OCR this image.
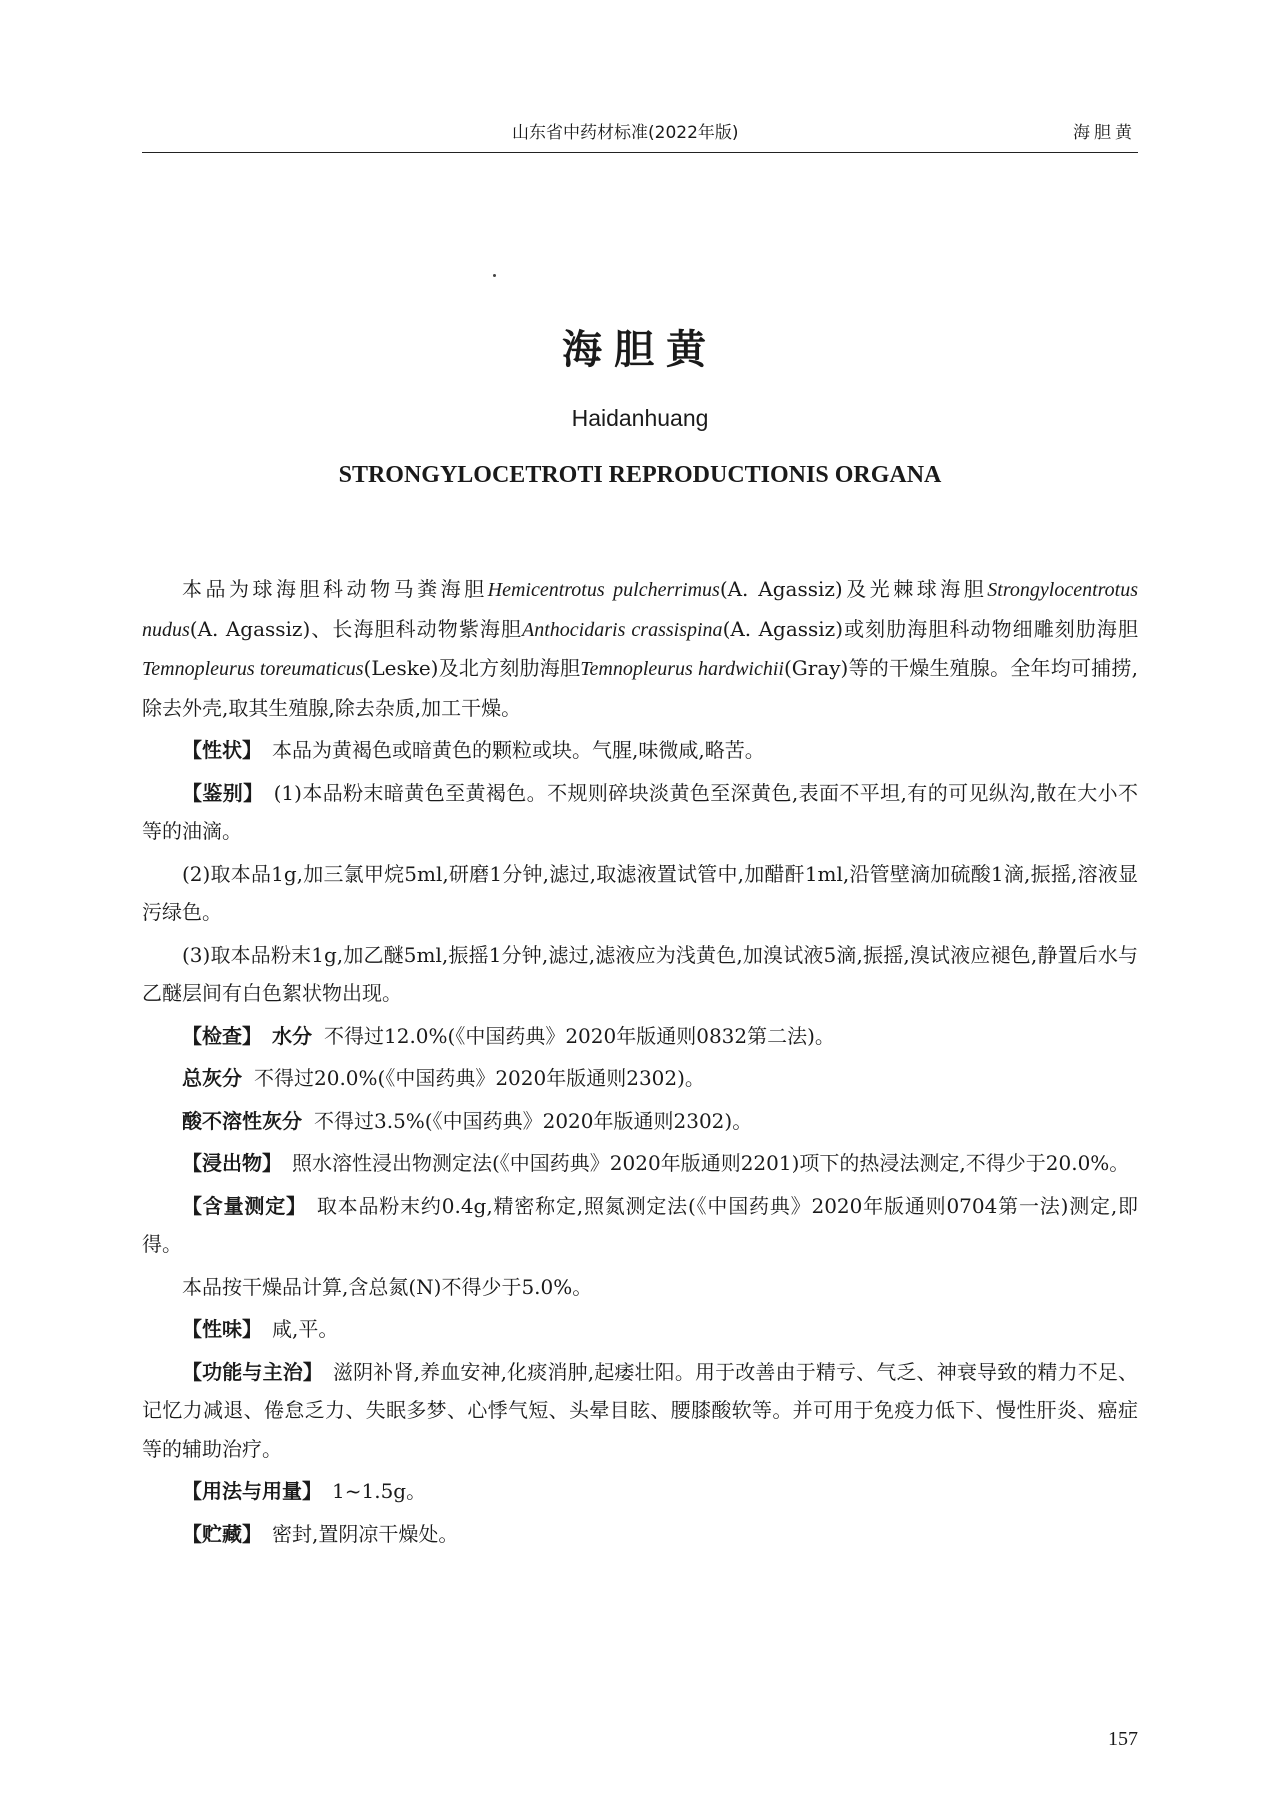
山东省中药材标准(2022年版)	海胆黄
海胆黄
Haidanhuang
STRONGYLOCETROTI REPRODUCTIONIS ORGANA

本品为球海胆科动物马粪海胆Hemicentrotus pulcherrimus(A. Agassiz)及光棘球海胆Strongylocentrotus nudus(A. Agassiz)、长海胆科动物紫海胆Anthocidaris crassispina(A. Agassiz)或刻肋海胆科动物细雕刻肋海胆Temnopleurus toreumaticus(Leske)及北方刻肋海胆Temnopleurus hardwichii(Gray)等的干燥生殖腺。全年均可捕捞,除去外壳,取其生殖腺,除去杂质,加工干燥。

【性状】 本品为黄褐色或暗黄色的颗粒或块。气腥,味微咸,略苦。

【鉴别】 (1)本品粉末暗黄色至黄褐色。不规则碎块淡黄色至深黄色,表面不平坦,有的可见纵沟,散在大小不等的油滴。

(2)取本品1g,加三氯甲烷5ml,研磨1分钟,滤过,取滤液置试管中,加醋酐1ml,沿管壁滴加硫酸1滴,振摇,溶液显污绿色。

(3)取本品粉末1g,加乙醚5ml,振摇1分钟,滤过,滤液应为浅黄色,加溴试液5滴,振摇,溴试液应褪色,静置后水与乙醚层间有白色絮状物出现。

【检查】 水分 不得过12.0%(《中国药典》2020年版通则0832第二法)。

总灰分 不得过20.0%(《中国药典》2020年版通则2302)。

酸不溶性灰分 不得过3.5%(《中国药典》2020年版通则2302)。

【浸出物】 照水溶性浸出物测定法(《中国药典》2020年版通则2201)项下的热浸法测定,不得少于20.0%。

【含量测定】 取本品粉末约0.4g,精密称定,照氮测定法(《中国药典》2020年版通则0704第一法)测定,即得。

本品按干燥品计算,含总氮(N)不得少于5.0%。

【性味】 咸,平。

【功能与主治】 滋阴补肾,养血安神,化痰消肿,起痿壮阳。用于改善由于精亏、气乏、神衰导致的精力不足、记忆力减退、倦怠乏力、失眠多梦、心悸气短、头晕目眩、腰膝酸软等。并可用于免疫力低下、慢性肝炎、癌症等的辅助治疗。

【用法与用量】 1~1.5g。

【贮藏】 密封,置阴凉干燥处。

157
